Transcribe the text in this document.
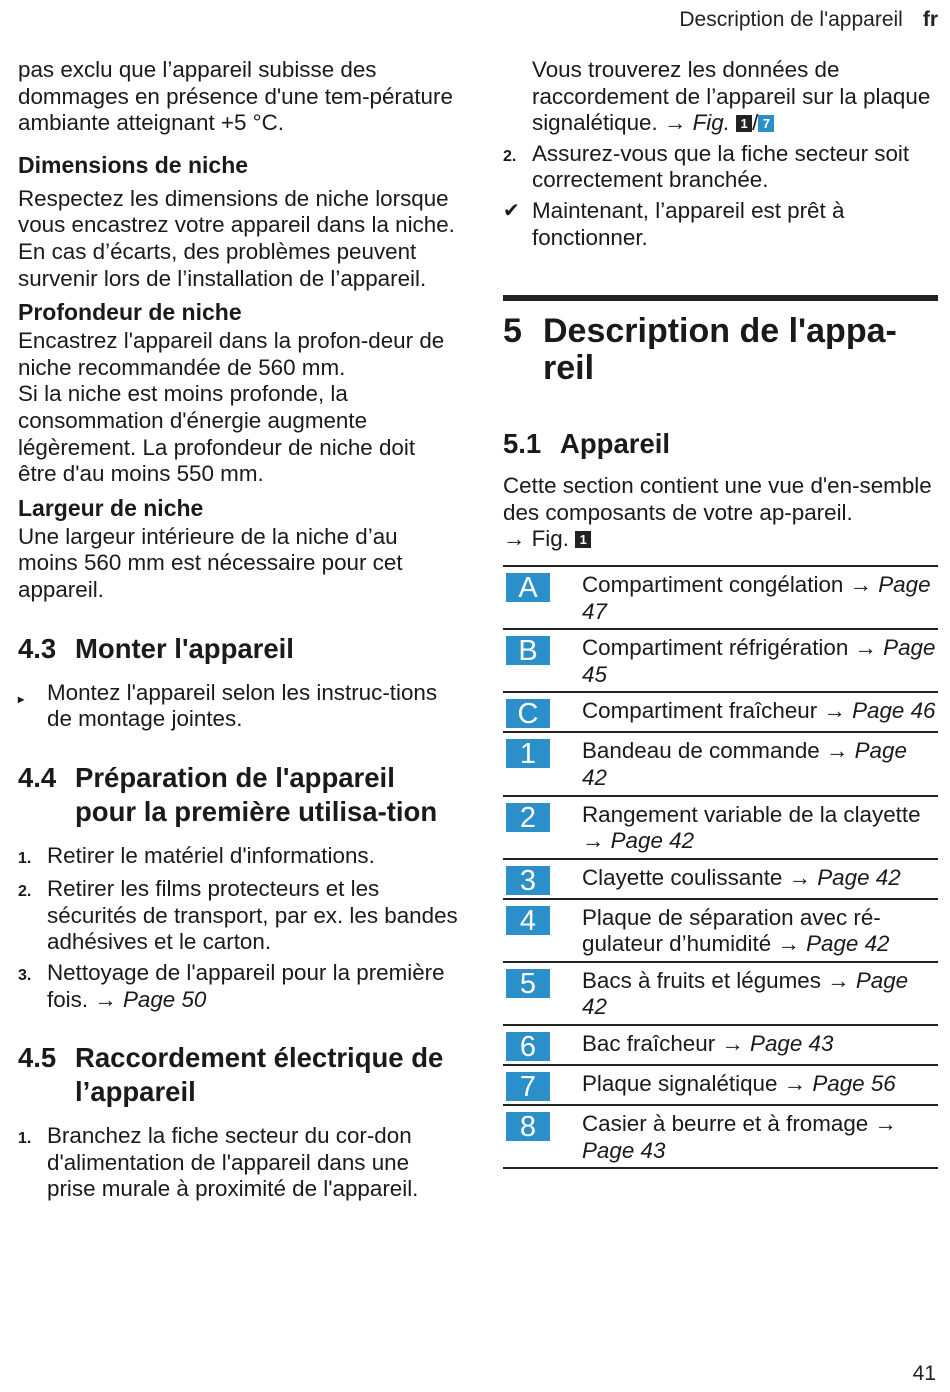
Description de l'appareil fr

pas exclu que l’appareil subisse des dommages en présence d'une tem-pérature ambiante atteignant +5 °C.

Dimensions de niche

Respectez les dimensions de niche lorsque vous encastrez votre appareil dans la niche. En cas d’écarts, des problèmes peuvent survenir lors de l’installation de l’appareil.

Profondeur de niche

Encastrez l'appareil dans la profon-deur de niche recommandée de 560 mm.

Si la niche est moins profonde, la consommation d'énergie augmente légèrement. La profondeur de niche doit être d'au moins 550 mm.

Largeur de niche

Une largeur intérieure de la niche d’au moins 560 mm est nécessaire pour cet appareil.

4.3 Monter l'appareil
▸	Montez l'appareil selon les instruc-tions de montage jointes.
4.4 Préparation de l'appareil pour la première utilisa-tion
1. Retirer le matériel d'informations.
2. Retirer les films protecteurs et les sécurités de transport, par ex. les bandes adhésives et le carton.
3. Nettoyage de l'appareil pour la première fois. → Page 50
4.5 Raccordement électrique de l’appareil
1. Branchez la fiche secteur du cor-don d'alimentation de l'appareil dans une prise murale à proximité de l'appareil.
Vous trouverez les données de raccordement de l’appareil sur la plaque signalétique. → Fig. 1 / 7
2. Assurez-vous que la fiche secteur soit correctement branchée.
✔ Maintenant, l’appareil est prêt à fonctionner.
5 Description de l'appa-reil
5.1 Appareil

Cette section contient une vue d'en-semble des composants de votre ap-pareil.

→ Fig. 1

A	Compartiment congélation → Page 47
B	Compartiment réfrigération → Page 45
C	Compartiment fraîcheur → Page 46
1	Bandeau de commande → Page 42
2	Rangement variable de la clayette → Page 42
3	Clayette coulissante → Page 42
4	Plaque de séparation avec ré-gulateur d’humidité → Page 42
5	Bacs à fruits et légumes → Page 42
6	Bac fraîcheur → Page 43
7	Plaque signalétique → Page 56
8	Casier à beurre et à fromage → Page 43
41
